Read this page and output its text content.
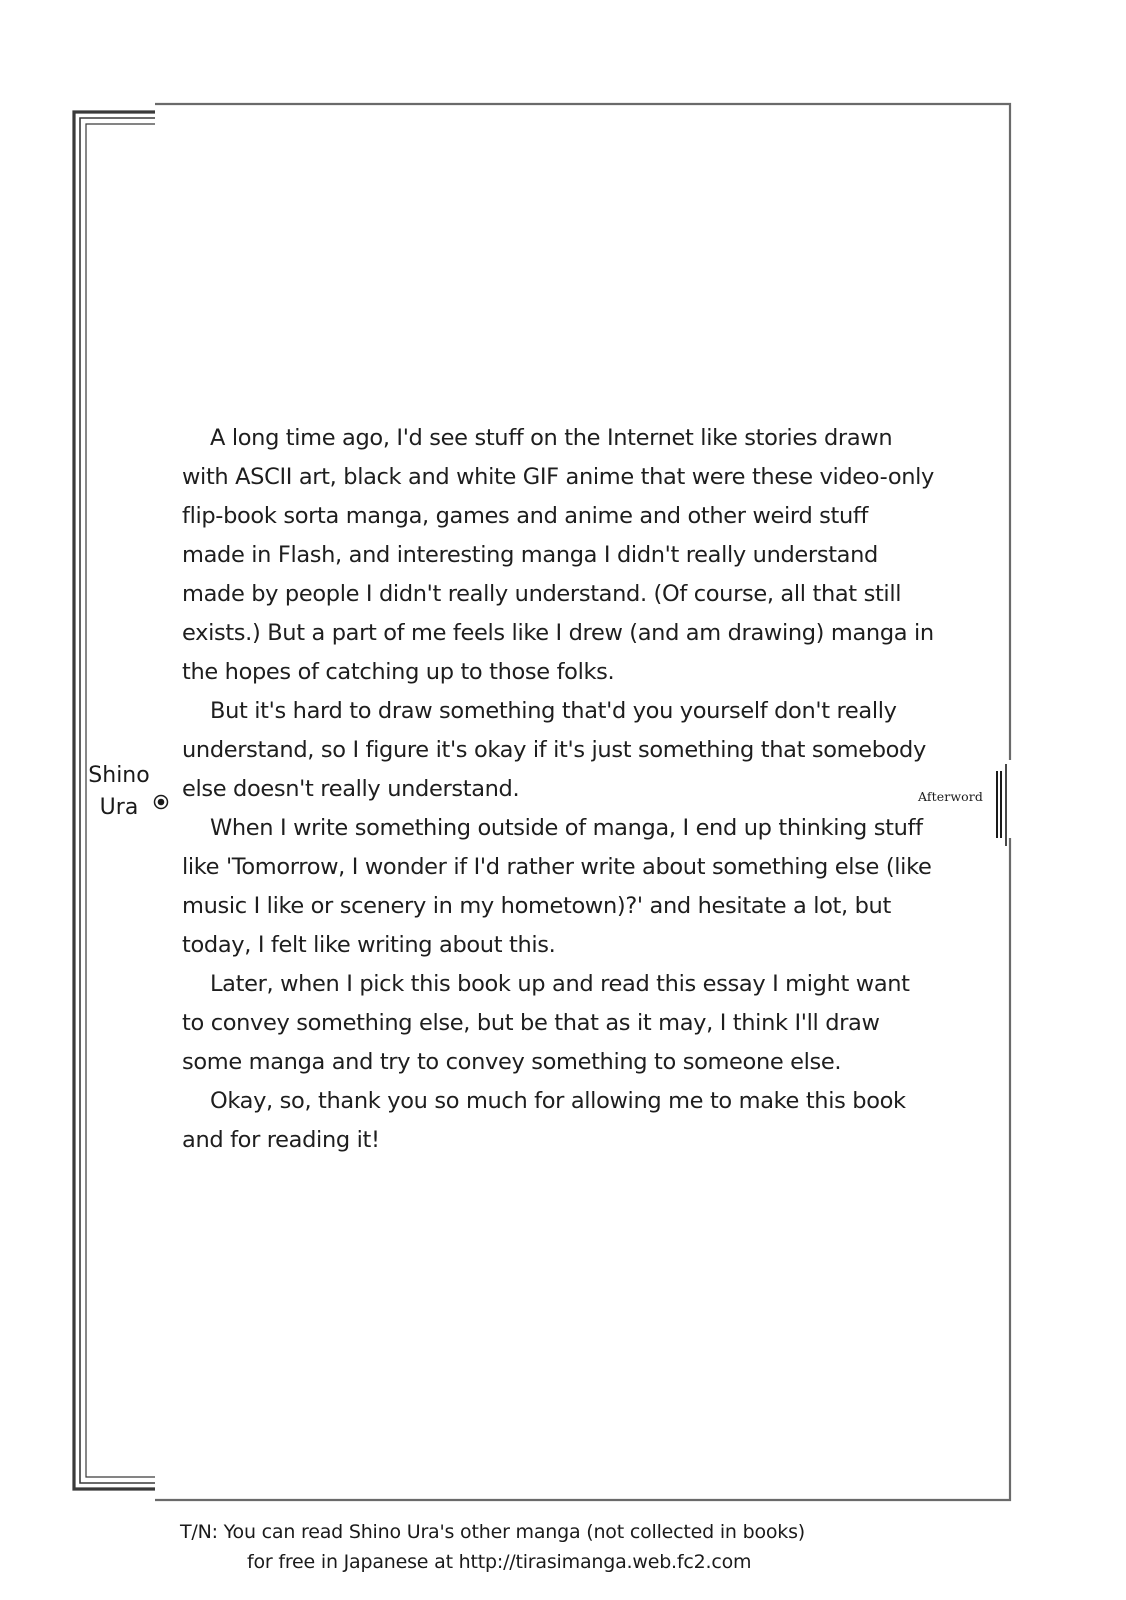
Shino
Ura	Afterword

A long time ago, I'd see stuff on the Internet like stories drawn
with ASCII art, black and white GIF anime that were these video-only
flip-book sorta manga, games and anime and other weird stuff
made in Flash, and interesting manga I didn't really understand
made by people I didn't really understand. (Of course, all that still
exists.) But a part of me feels like I drew (and am drawing) manga in
the hopes of catching up to those folks.

But it's hard to draw something that'd you yourself don't really
understand, so I figure it's okay if it's just something that somebody
else doesn't really understand.

When I write something outside of manga, I end up thinking stuff
like 'Tomorrow, I wonder if I'd rather write about something else (like
music I like or scenery in my hometown)?' and hesitate a lot, but
today, I felt like writing about this.

Later, when I pick this book up and read this essay I might want
to convey something else, but be that as it may, I think I'll draw
some manga and try to convey something to someone else.

Okay, so, thank you so much for allowing me to make this book
and for reading it!

T/N: You can read Shino Ura's other manga (not collected in books)
for free in Japanese at http://tirasimanga.web.fc2.com
